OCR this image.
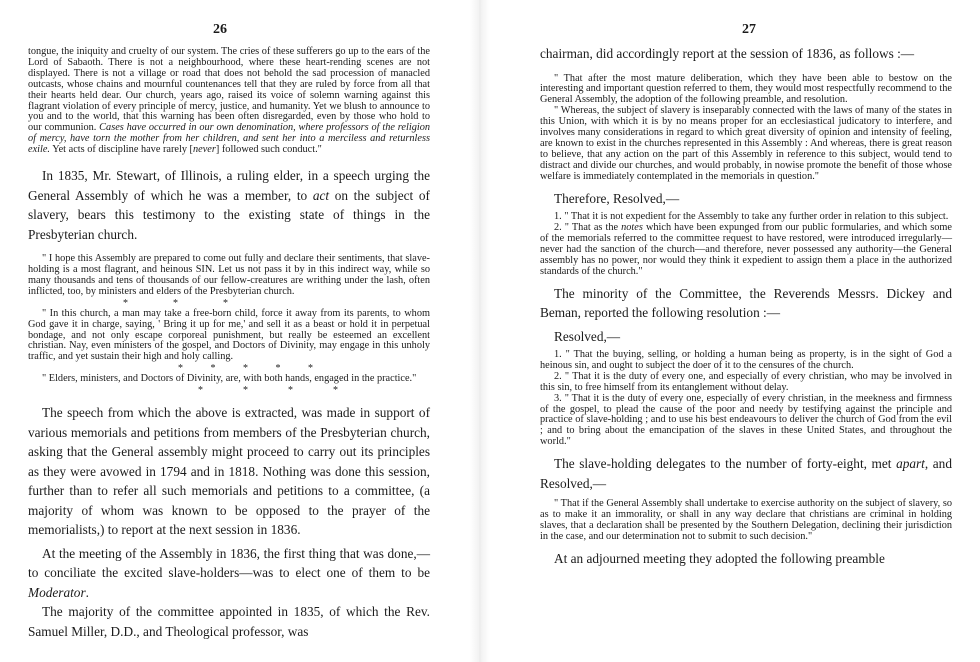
26

tongue, the iniquity and cruelty of our system. The cries of these sufferers go up to the ears of the Lord of Sabaoth. There is not a neighbourhood, where these heart-rending scenes are not displayed. There is not a village or road that does not behold the sad procession of manacled outcasts, whose chains and mournful countenances tell that they are ruled by force from all that their hearts held dear. Our church, years ago, raised its voice of solemn warning against this flagrant violation of every principle of mercy, justice, and humanity. Yet we blush to announce to you and to the world, that this warning has been often disregarded, even by those who hold to our communion. Cases have occurred in our own denomination, where professors of the religion of mercy, have torn the mother from her children, and sent her into a merciless and returnless exile. Yet acts of discipline have rarely [never] followed such conduct."

In 1835, Mr. Stewart, of Illinois, a ruling elder, in a speech urging the General Assembly of which he was a member, to act on the subject of slavery, bears this testimony to the existing state of things in the Presbyterian church.

" I hope this Assembly are prepared to come out fully and declare their sentiments, that slave-holding is a most flagrant, and heinous SIN. Let us not pass it by in this indirect way, while so many thousands and tens of thousands of our fellow-creatures are writhing under the lash, often inflicted, too, by ministers and elders of the Presbyterian church.

*                  *                  *

" In this church, a man may take a free-born child, force it away from its parents, to whom God gave it in charge, saying, ' Bring it up for me,' and sell it as a beast or hold it in perpetual bondage, and not only escape corporeal punishment, but really be esteemed an excellent christian. Nay, even ministers of the gospel, and Doctors of Divinity, may engage in this unholy traffic, and yet sustain their high and holy calling.

*           *           *           *           *

" Elders, ministers, and Doctors of Divinity, are, with both hands, engaged in the practice."

*                *                *                *

The speech from which the above is extracted, was made in support of various memorials and petitions from members of the Presbyterian church, asking that the General assembly might proceed to carry out its principles as they were avowed in 1794 and in 1818. Nothing was done this session, further than to refer all such memorials and petitions to a committee, (a majority of whom was known to be opposed to the prayer of the memorialists,) to report at the next session in 1836.

At the meeting of the Assembly in 1836, the first thing that was done,—to conciliate the excited slave-holders—was to elect one of them to be Moderator.

The majority of the committee appointed in 1835, of which the Rev. Samuel Miller, D.D., and Theological professor, was

27

chairman, did accordingly report at the session of 1836, as follows :—

" That after the most mature deliberation, which they have been able to bestow on the interesting and important question referred to them, they would most respectfully recommend to the General Assembly, the adoption of the following preamble, and resolution.

" Whereas, the subject of slavery is inseparably connected with the laws of many of the states in this Union, with which it is by no means proper for an ecclesiastical judicatory to interfere, and involves many considerations in regard to which great diversity of opinion and intensity of feeling, are known to exist in the churches represented in this Assembly : And whereas, there is great reason to believe, that any action on the part of this Assembly in reference to this subject, would tend to distract and divide our churches, and would probably, in nowise promote the benefit of those whose welfare is immediately contemplated in the memorials in question."

Therefore, Resolved,—

1. " That it is not expedient for the Assembly to take any further order in relation to this subject.

2. " That as the notes which have been expunged from our public formularies, and which some of the memorials referred to the committee request to have restored, were introduced irregularly—never had the sanction of the church—and therefore, never possessed any authority—the General assembly has no power, nor would they think it expedient to assign them a place in the authorized standards of the church."

The minority of the Committee, the Reverends Messrs. Dickey and Beman, reported the following resolution :—

Resolved,—

1. " That the buying, selling, or holding a human being as property, is in the sight of God a heinous sin, and ought to subject the doer of it to the censures of the church.

2. " That it is the duty of every one, and especially of every christian, who may be involved in this sin, to free himself from its entanglement without delay.

3. " That it is the duty of every one, especially of every christian, in the meekness and firmness of the gospel, to plead the cause of the poor and needy by testifying against the principle and practice of slave-holding ; and to use his best endeavours to deliver the church of God from the evil ; and to bring about the emancipation of the slaves in these United States, and throughout the world."

The slave-holding delegates to the number of forty-eight, met apart, and Resolved,—

" That if the General Assembly shall undertake to exercise authority on the subject of slavery, so as to make it an immorality, or shall in any way declare that christians are criminal in holding slaves, that a declaration shall be presented by the Southern Delegation, declining their jurisdiction in the case, and our determination not to submit to such decision."

At an adjourned meeting they adopted the following preamble
